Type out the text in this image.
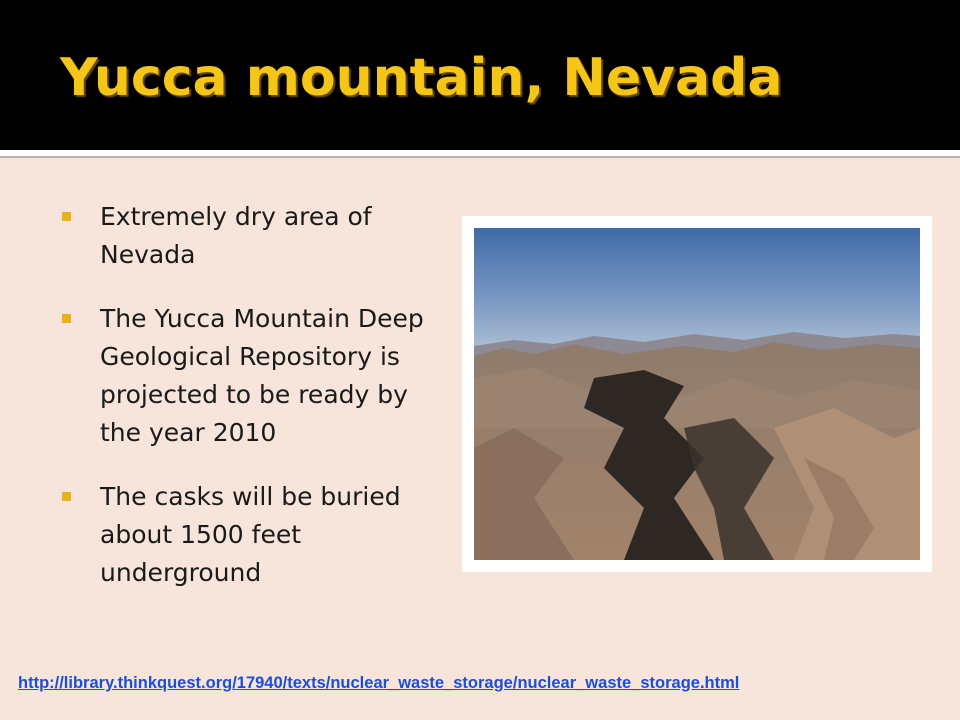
Yucca mountain, Nevada
Extremely dry area of Nevada
The Yucca Mountain Deep Geological Repository is projected to be ready by the year 2010
The casks will be buried about 1500 feet underground
http://library.thinkquest.org/17940/texts/nuclear_waste_storage/nuclear_waste_storage.html
